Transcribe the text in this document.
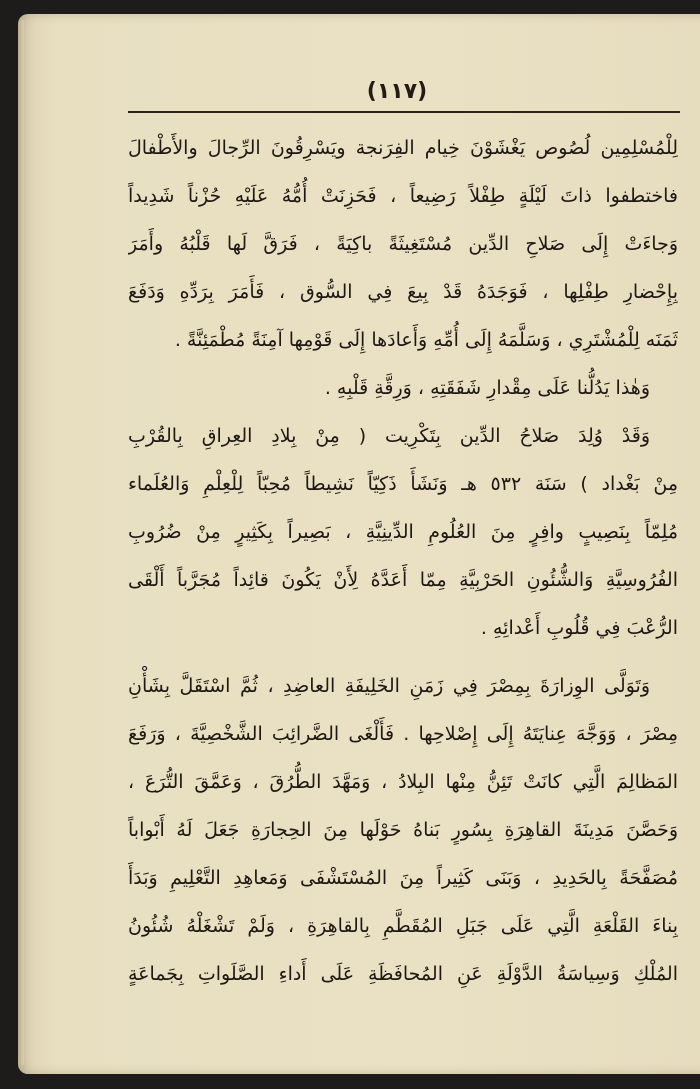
(١١٧)
لِلْمُسْلِمِين لُصُوص يَغْشَوْنَ خِيام الفِرَنجة ويَسْرِقُونَ الرِّجالَ والأَطْفالَ
فاختطفوا ذاتَ لَيْلَةٍ طِفْلاً رَضِيعاً ، فَحَزِنَتْ أُمُّهُ عَلَيْهِ حُزْناً شَدِيداً
وَجاءَتْ إِلَى صَلاحِ الدِّين مُسْتَغِيثَةً باكِيَةً ، فَرَقَّ لَها قَلْبُهُ وأَمَرَ
بِإِحْضارِ طِفْلِها ، فَوَجَدَهُ قَدْ بِيعَ فِي السُّوق ، فَأَمَرَ بِرَدِّهِ وَدَفَعَ
ثَمَنَه لِلْمُشْتَرِي ، وَسَلَّمَهُ إِلَى أُمِّهِ وَأَعادَها إِلَى قَوْمِها آمِنَةً مُطْمَئِنَّةً .
وَهٰذا يَدُلُّنا عَلَى مِقْدارِ شَفَقَتِهِ ، وَرِقَّةِ قَلْبِهِ .
وَقَدْ وُلِدَ صَلاحُ الدِّين بِتَكْرِيت ( مِنْ بِلادِ العِراقِ بِالقُرْبِ
مِنْ بَغْداد ) سَنَة ٥٣٢ هـ وَنَشَأَ ذَكِيّاً نَشِيطاً مُحِبّاً لِلْعِلْمِ وَالعُلَماء
مُلِمّاً بِنَصِيبٍ وافِرٍ مِنَ العُلُومِ الدِّينِيَّةِ ، بَصِيراً بِكَثِيرٍ مِنْ ضُرُوبِ
الفُرُوسِيَّةِ وَالشُّئُونِ الحَرْبِيَّةِ مِمّا أَعَدَّهُ لِأَنْ يَكُونَ قائِداً مُجَرَّباً أَلْقَى
الرُّعْبَ فِي قُلُوبِ أَعْدائِهِ .
وَتَوَلَّى الوِزارَةَ بِمِصْرَ فِي زَمَنِ الخَلِيفَةِ العاضِدِ ، ثُمَّ اسْتَقَلَّ بِشَأْنِ
مِصْرَ ، وَوَجَّهَ عِنايَتَهُ إِلَى إِصْلاحِها . فَأَلْغَى الضَّرائِبَ الشَّخْصِيَّةَ ، وَرَفَعَ
المَظالِمَ الَّتِي كانَتْ تَئِنُّ مِنْها البِلادُ ، وَمَهَّدَ الطُّرُقَ ، وَعَمَّقَ التُّرَعَ ،
وَحَصَّنَ مَدِينَةَ القاهِرَةِ بِسُورٍ بَناهُ حَوْلَها مِنَ الحِجارَةِ جَعَلَ لَهُ أَبْواباً
مُصَفَّحَةً بِالحَدِيدِ ، وَبَنَى كَثِيراً مِنَ المُسْتَشْفَى وَمَعاهِدِ التَّعْلِيمِ وَبَدَأَ
بِناءَ القَلْعَةِ الَّتِي عَلَى جَبَلِ المُقَطَّمِ بِالقاهِرَةِ ، وَلَمْ تَشْغَلْهُ شُئُونُ
المُلْكِ وَسِياسَةُ الدَّوْلَةِ عَنِ المُحافَظَةِ عَلَى أَداءِ الصَّلَواتِ بِجَماعَةٍ
